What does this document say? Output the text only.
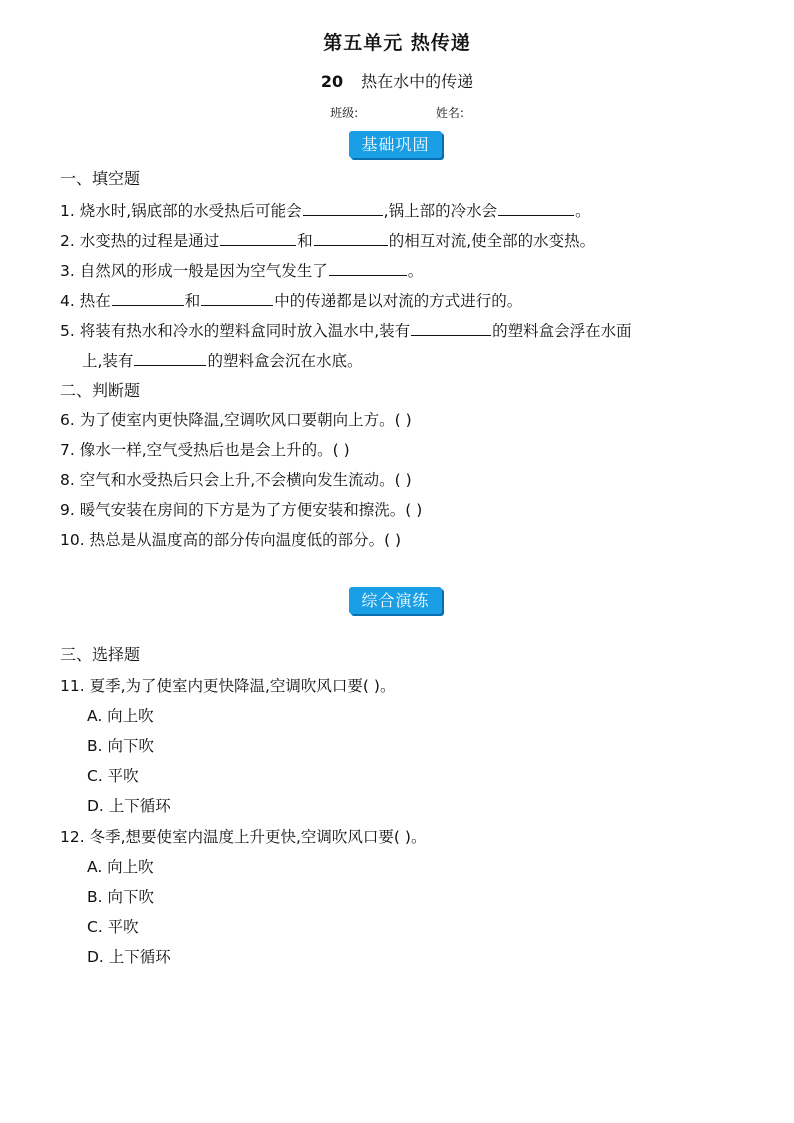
第五单元 热传递
20 热在水中的传递
班级:	姓名:
基础巩固
一、填空题
1. 烧水时,锅底部的水受热后可能会	,锅上部的冷水会	。
2. 水变热的过程是通过	和	的相互对流,使全部的水变热。
3. 自然风的形成一般是因为空气发生了	。
4. 热在	和	中的传递都是以对流的方式进行的。
5. 将装有热水和冷水的塑料盒同时放入温水中,装有	的塑料盒会浮在水面
上,装有	的塑料盒会沉在水底。
二、判断题
6. 为了使室内更快降温,空调吹风口要朝向上方。( )
7. 像水一样,空气受热后也是会上升的。( )
8. 空气和水受热后只会上升,不会横向发生流动。( )
9. 暖气安装在房间的下方是为了方便安装和擦洗。( )
10. 热总是从温度高的部分传向温度低的部分。( )
综合演练
三、选择题
11. 夏季,为了使室内更快降温,空调吹风口要( )。
A. 向上吹
B. 向下吹
C. 平吹
D. 上下循环
12. 冬季,想要使室内温度上升更快,空调吹风口要( )。
A. 向上吹
B. 向下吹
C. 平吹
D. 上下循环
